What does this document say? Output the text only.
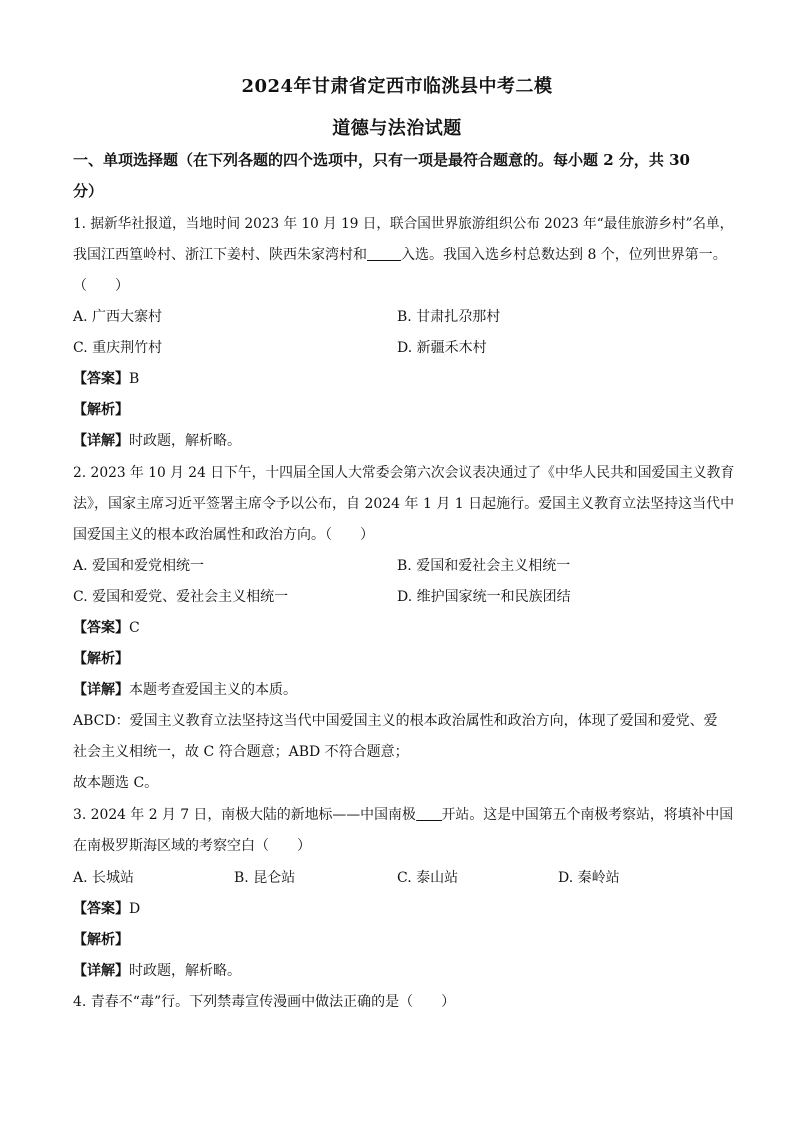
2024年甘肃省定西市临洮县中考二模
道德与法治试题
一、单项选择题（在下列各题的四个选项中，只有一项是最符合题意的。每小题 2 分，共 30
分）
1. 据新华社报道，当地时间 2023 年 10 月 19 日，联合国世界旅游组织公布 2023 年“最佳旅游乡村”名单，
我国江西篁岭村、浙江下姜村、陕西朱家湾村和 入选。我国入选乡村总数达到 8 个，位列世界第一。
（　　）
A. 广西大寨村	B. 甘肃扎尕那村
C. 重庆荆竹村	D. 新疆禾木村
【答案】B
【解析】
【详解】时政题，解析略。
2. 2023 年 10 月 24 日下午，十四届全国人大常委会第六次会议表决通过了《中华人民共和国爱国主义教育
法》，国家主席习近平签署主席令予以公布，自 2024 年 1 月 1 日起施行。爱国主义教育立法坚持这当代中
国爱国主义的根本政治属性和政治方向。（　　）
A. 爱国和爱党相统一	B. 爱国和爱社会主义相统一
C. 爱国和爱党、爱社会主义相统一	D. 维护国家统一和民族团结
【答案】C
【解析】
【详解】本题考查爱国主义的本质。
ABCD：爱国主义教育立法坚持这当代中国爱国主义的根本政治属性和政治方向，体现了爱国和爱党、爱
社会主义相统一，故 C 符合题意；ABD 不符合题意；
故本题选 C。
3. 2024 年 2 月 7 日，南极大陆的新地标——中国南极 开站。这是中国第五个南极考察站，将填补中国
在南极罗斯海区域的考察空白（　　）
A. 长城站	B. 昆仑站	C. 泰山站	D. 秦岭站
【答案】D
【解析】
【详解】时政题，解析略。
4. 青春不“毒”行。下列禁毒宣传漫画中做法正确的是（　　）
